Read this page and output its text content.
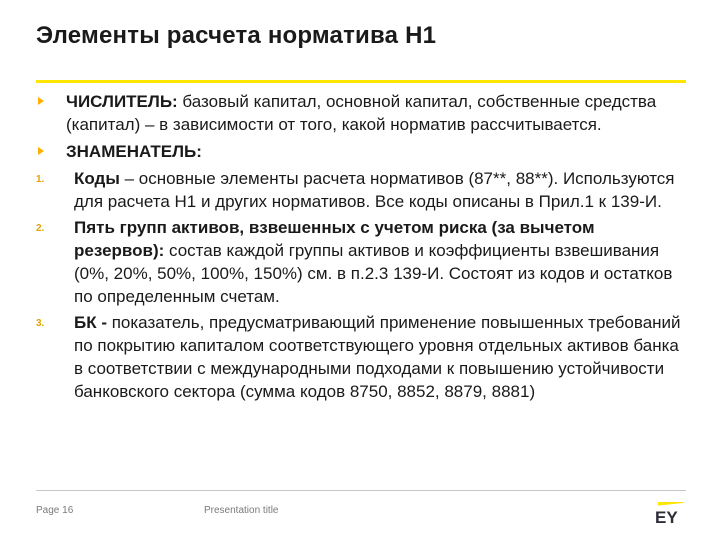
Элементы расчета норматива Н1
ЧИСЛИТЕЛЬ: базовый капитал, основной капитал, собственные средства (капитал) – в зависимости от того, какой норматив рассчитывается.
ЗНАМЕНАТЕЛЬ:
1. Коды – основные элементы расчета нормативов (87**, 88**). Используются для расчета Н1 и других нормативов. Все коды описаны в Прил.1 к 139-И.
2. Пять групп активов, взвешенных с учетом риска (за вычетом резервов): состав каждой группы активов и коэффициенты взвешивания (0%, 20%, 50%, 100%, 150%) см. в п.2.3 139-И. Состоят из кодов и остатков по определенным счетам.
3. БК - показатель, предусматривающий применение повышенных требований по покрытию капиталом соответствующего уровня отдельных активов банка в соответствии с международными подходами к повышению устойчивости банковского сектора (сумма кодов 8750, 8852, 8879, 8881)
Page 16	Presentation title	EY
